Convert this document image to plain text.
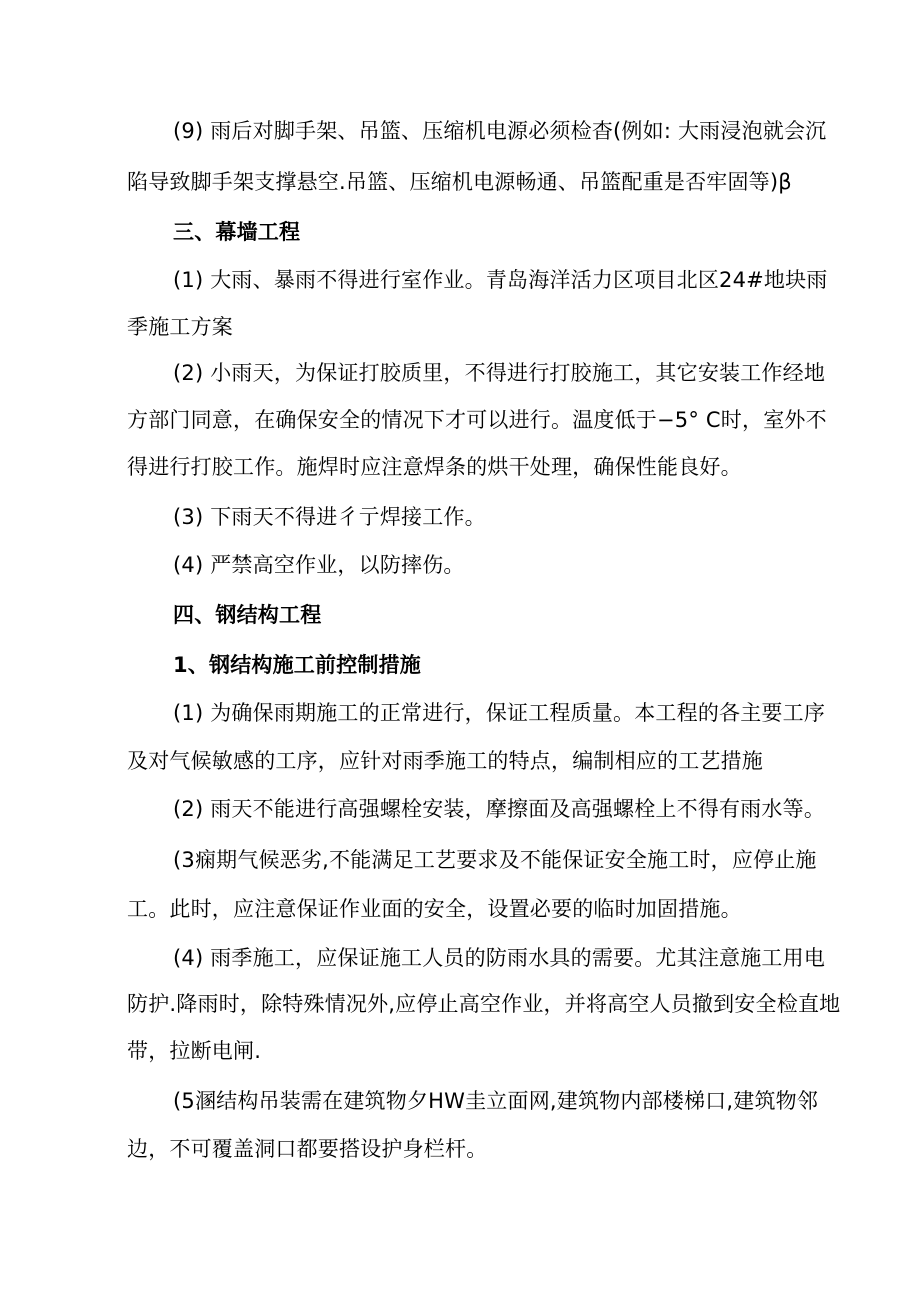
(9) 雨后对脚手架、吊篮、压缩机电源必须检杳(例如: 大雨浸泡就会沉
陷导致脚手架支撑悬空.吊篮、压缩机电源畅通、吊篮配重是否牢固等)β
三、幕墙工程
(1) 大雨、暴雨不得进行室作业。青岛海洋活力区项目北区24#地块雨
季施工方案
(2) 小雨天，为保证打胶质里，不得进行打胶施工，其它安装工作经地
方部门同意，在确保安全的情况下才可以进行。温度低于−5° C时，室外不
得进行打胶工作。施焊时应注意焊条的烘干处理，确保性能良好。
(3) 下雨天不得进彳亍焊接工作。
(4) 严禁高空作业，以防摔伤。
四、钢结构工程
1、钢结构施工前控制措施
(1) 为确保雨期施工的正常进行，保证工程质量。本工程的各主要工序
及对气候敏感的工序，应针对雨季施工的特点，编制相应的工艺措施
(2) 雨天不能进行高强螺栓安装，摩擦面及高强螺栓上不得有雨水等。
(3痫期气候恶劣,不能满足工艺要求及不能保证安全施工时，应停止施
工。此时，应注意保证作业面的安全，设置必要的临时加固措施。
(4) 雨季施工，应保证施工人员的防雨水具的需要。尤其注意施工用电
防护.降雨时，除特殊情况外,应停止高空作业，并将高空人员撤到安全检直地
带，拉断电闸.
(5溷结构吊装需在建筑物夕HW圭立面网,建筑物内部楼梯口,建筑物邻
边，不可覆盖洞口都要搭设护身栏杆。
